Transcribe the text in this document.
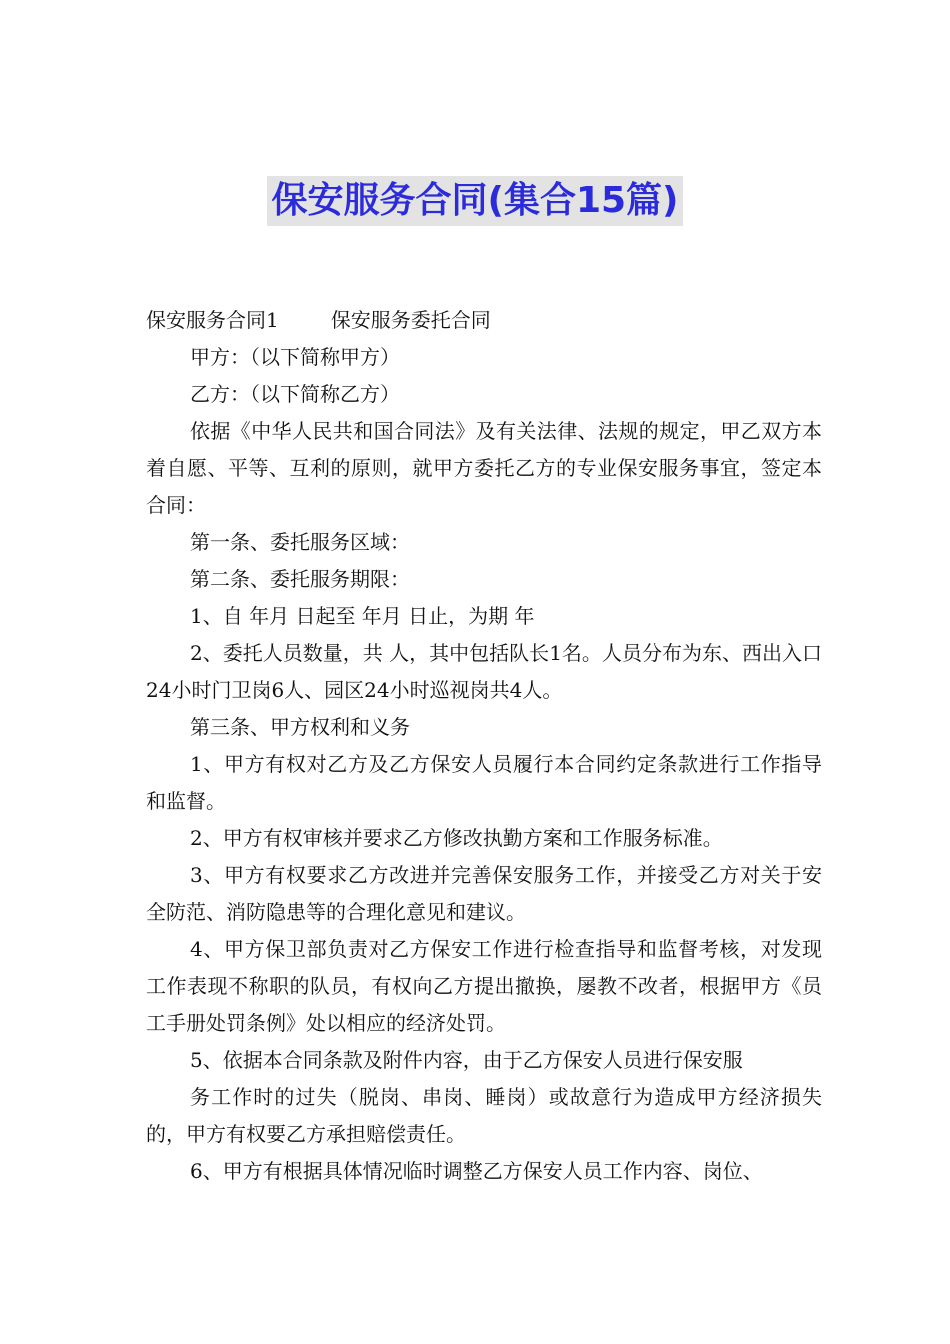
保安服务合同(集合15篇)

保安服务合同1	保安服务委托合同

甲方：（以下简称甲方）

乙方：（以下简称乙方）

依据《中华人民共和国合同法》及有关法律、法规的规定，甲乙双方本着自愿、平等、互利的原则，就甲方委托乙方的专业保安服务事宜，签定本合同：

第一条、委托服务区域：

第二条、委托服务期限：

1、自 年月 日起至 年月 日止，为期 年

2、委托人员数量，共 人，其中包括队长1名。人员分布为东、西出入口24小时门卫岗6人、园区24小时巡视岗共4人。

第三条、甲方权利和义务

1、甲方有权对乙方及乙方保安人员履行本合同约定条款进行工作指导和监督。

2、甲方有权审核并要求乙方修改执勤方案和工作服务标准。

3、甲方有权要求乙方改进并完善保安服务工作，并接受乙方对关于安全防范、消防隐患等的合理化意见和建议。

4、甲方保卫部负责对乙方保安工作进行检查指导和监督考核，对发现工作表现不称职的队员，有权向乙方提出撤换，屡教不改者，根据甲方《员工手册处罚条例》处以相应的经济处罚。

5、依据本合同条款及附件内容，由于乙方保安人员进行保安服

务工作时的过失（脱岗、串岗、睡岗）或故意行为造成甲方经济损失的，甲方有权要乙方承担赔偿责任。

6、甲方有根据具体情况临时调整乙方保安人员工作内容、岗位、
